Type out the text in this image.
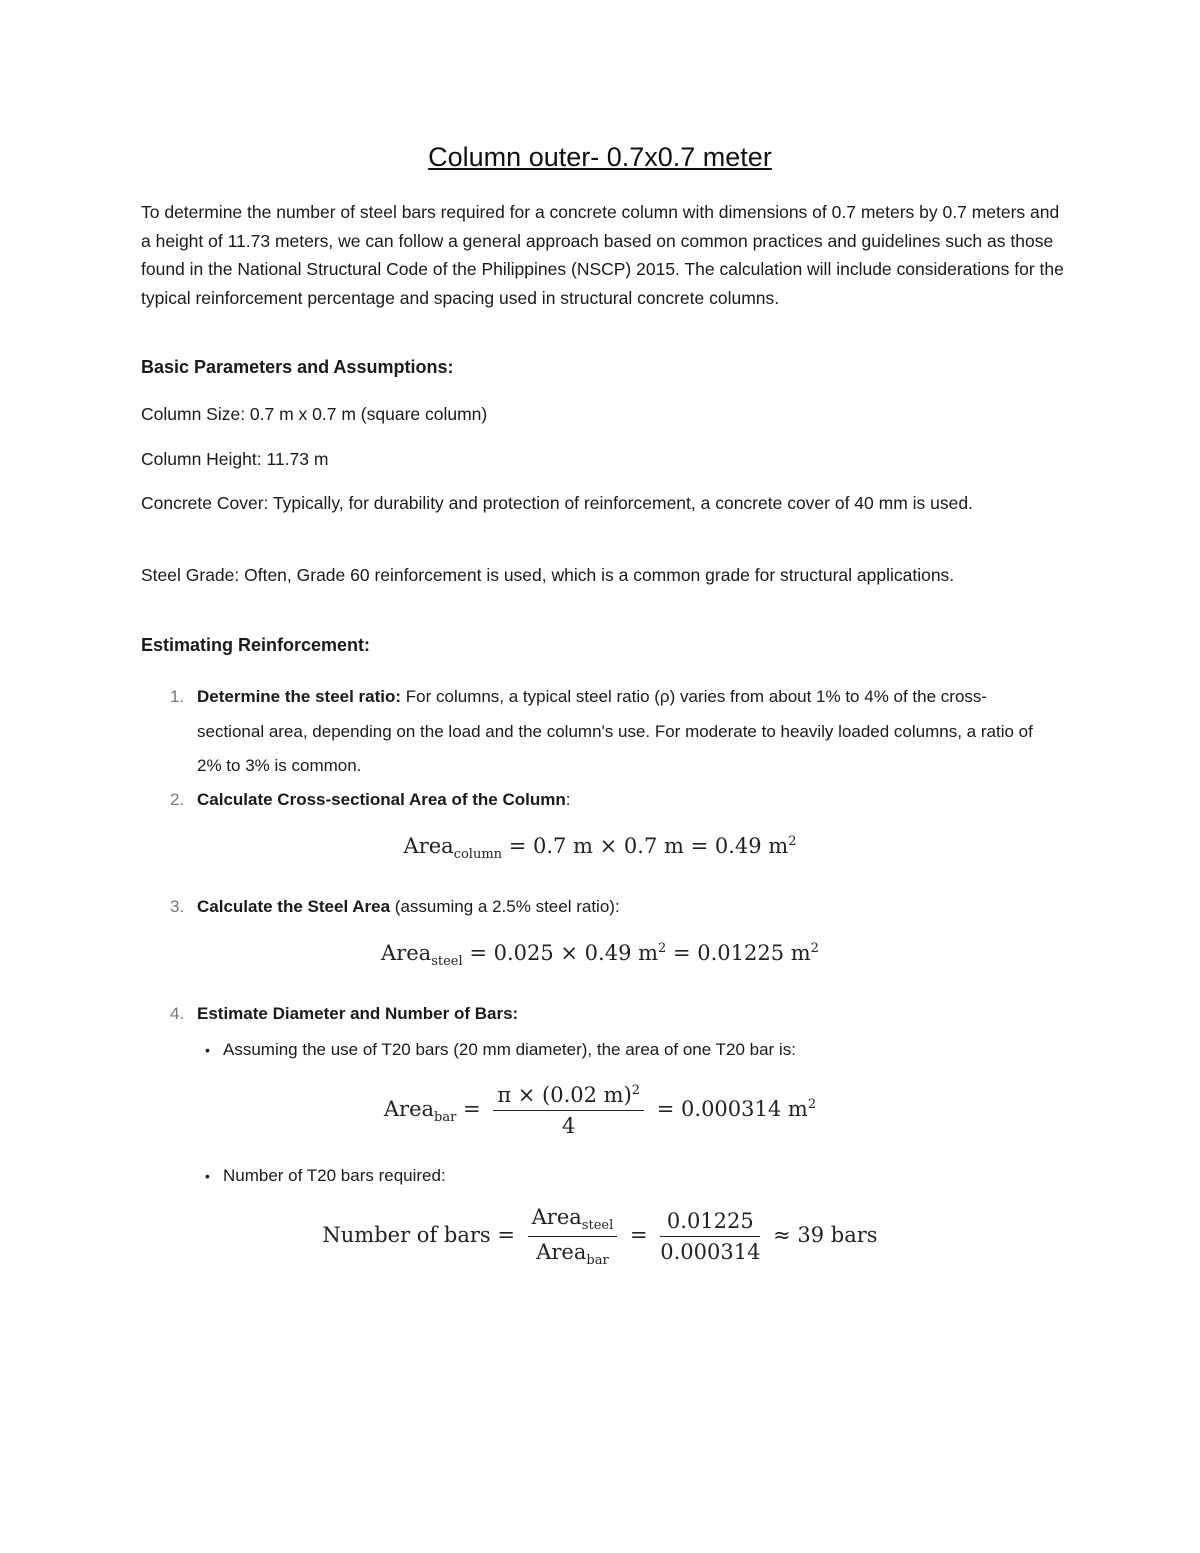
Column outer- 0.7x0.7 meter

To determine the number of steel bars required for a concrete column with dimensions of 0.7 meters by 0.7 meters and a height of 11.73 meters, we can follow a general approach based on common practices and guidelines such as those found in the National Structural Code of the Philippines (NSCP) 2015. The calculation will include considerations for the typical reinforcement percentage and spacing used in structural concrete columns.

Basic Parameters and Assumptions:

Column Size: 0.7 m x 0.7 m (square column)

Column Height: 11.73 m

Concrete Cover: Typically, for durability and protection of reinforcement, a concrete cover of 40 mm is used.

Steel Grade: Often, Grade 60 reinforcement is used, which is a common grade for structural applications.

Estimating Reinforcement:

1. Determine the steel ratio: For columns, a typical steel ratio (ρ) varies from about 1% to 4% of the cross-sectional area, depending on the load and the column's use. For moderate to heavily loaded columns, a ratio of 2% to 3% is common.
2. Calculate Cross-sectional Area of the Column:
Area$_{column}$ = 0.7 m × 0.7 m = 0.49 $m^2$
3. Calculate the Steel Area (assuming a 2.5% steel ratio):
Area$_{steel}$ = 0.025 × 0.49 $m^2 = 0.01225$ $m^2$
4. Estimate Diameter and Number of Bars:
• Assuming the use of T20 bars (20 mm diameter), the area of one T20 bar is:
Area$_{bar}$ = $\frac{\pi \times (0.02 m)^2}{4} = 0.000314$ $m^2$
• Number of T20 bars required:
Number of bars = $\frac{Area_{steel}}{Area_{bar}} = \frac{0.01225}{0.000314} \approx 39$ bars
